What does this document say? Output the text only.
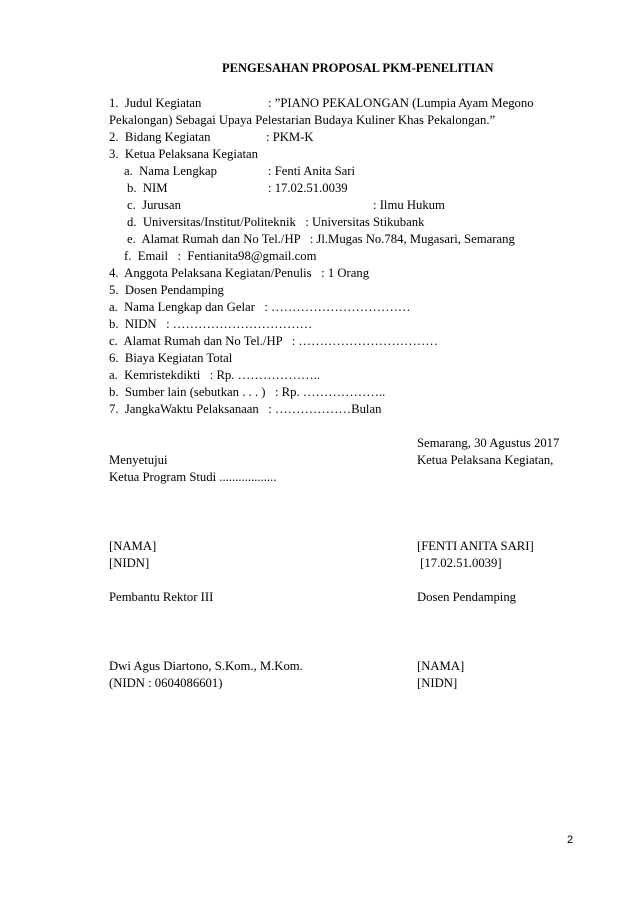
PENGESAHAN PROPOSAL PKM-PENELITIAN
1.  Judul Kegiatan	: ”PIANO PEKALONGAN (Lumpia Ayam Megono
Pekalongan) Sebagai Upaya Pelestarian Budaya Kuliner Khas Pekalongan.”
2.  Bidang Kegiatan	: PKM-K
3.  Ketua Pelaksana Kegiatan
a.  Nama Lengkap	: Fenti Anita Sari
b.  NIM	: 17.02.51.0039
c.  Jurusan	: Ilmu Hukum
d.  Universitas/Institut/Politeknik   : Universitas Stikubank
e.  Alamat Rumah dan No Tel./HP   : Jl.Mugas No.784, Mugasari, Semarang
f.  Email   :  Fentianita98@gmail.com
4.  Anggota Pelaksana Kegiatan/Penulis   : 1 Orang
5.  Dosen Pendamping
a.  Nama Lengkap dan Gelar   : ……………………………
b.  NIDN   : ……………………………
c.  Alamat Rumah dan No Tel./HP   : ……………………………
6.  Biaya Kegiatan Total
a.  Kemristekdikti   : Rp. ………………..
b.  Sumber lain (sebutkan . . . )   : Rp. ………………..
7.  JangkaWaktu Pelaksanaan   : ………………Bulan
Semarang, 30 Agustus 2017
Menyetujui	Ketua Pelaksana Kegiatan,
Ketua Program Studi ..................
[NAMA]	[FENTI ANITA SARI]
[NIDN]	[17.02.51.0039]
Pembantu Rektor III	Dosen Pendamping
Dwi Agus Diartono, S.Kom., M.Kom.	[NAMA]
(NIDN : 0604086601)	[NIDN]
2
